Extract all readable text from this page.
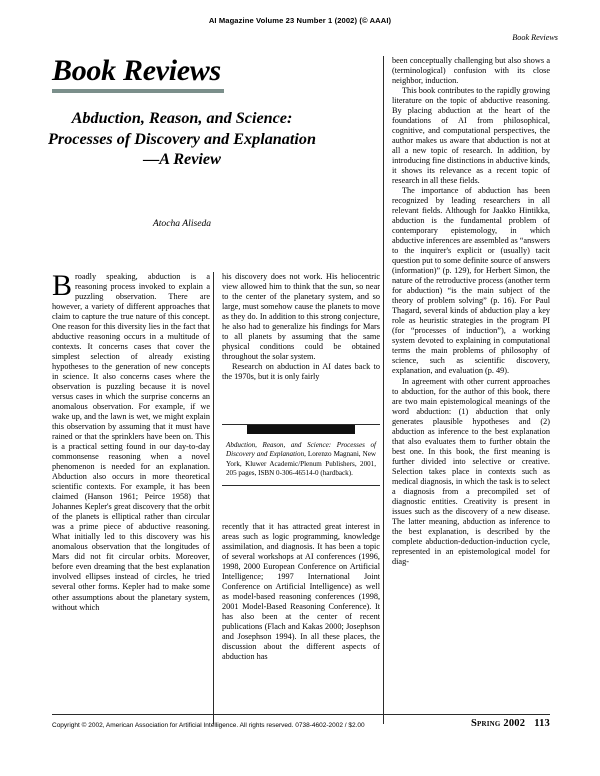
AI Magazine Volume 23 Number 1 (2002) (© AAAI)
Book Reviews
Book Reviews
Abduction, Reason, and Science: Processes of Discovery and Explanation—A Review
Atocha Aliseda

Broadly speaking, abduction is a reasoning process invoked to explain a puzzling observation. There are however, a variety of different approaches that claim to capture the true nature of this concept. One reason for this diversity lies in the fact that abductive reasoning occurs in a multitude of contexts. It concerns cases that cover the simplest selection of already existing hypotheses to the generation of new concepts in science. It also concerns cases where the observation is puzzling because it is novel versus cases in which the surprise concerns an anomalous observation. For example, if we wake up, and the lawn is wet, we might explain this observation by assuming that it must have rained or that the sprinklers have been on. This is a practical setting found in our day-to-day commonsense reasoning when a novel phenomenon is needed for an explanation. Abduction also occurs in more theoretical scientific contexts. For example, it has been claimed (Hanson 1961; Peirce 1958) that Johannes Kepler's great discovery that the orbit of the planets is elliptical rather than circular was a prime piece of abductive reasoning. What initially led to this discovery was his anomalous observation that the longitudes of Mars did not fit circular orbits. Moreover, before even dreaming that the best explanation involved ellipses instead of circles, he tried several other forms. Kepler had to make some other assumptions about the planetary system, without which

his discovery does not work. His heliocentric view allowed him to think that the sun, so near to the center of the planetary system, and so large, must somehow cause the planets to move as they do. In addition to this strong conjecture, he also had to generalize his findings for Mars to all planets by assuming that the same physical conditions could be obtained throughout the solar system.

Research on abduction in AI dates back to the 1970s, but it is only fairly

Abduction, Reason, and Science: Processes of Discovery and Explanation, Lorenzo Magnani, New York, Kluwer Academic/Plenum Publishers, 2001, 205 pages, ISBN 0-306-46514-0 (hardback).

recently that it has attracted great interest in areas such as logic programming, knowledge assimilation, and diagnosis. It has been a topic of several workshops at AI conferences (1996, 1998, 2000 European Conference on Artificial Intelligence; 1997 International Joint Conference on Artificial Intelligence) as well as model-based reasoning conferences (1998, 2001 Model-Based Reasoning Conference). It has also been at the center of recent publications (Flach and Kakas 2000; Josephson and Josephson 1994). In all these places, the discussion about the different aspects of abduction has

been conceptually challenging but also shows a (terminological) confusion with its close neighbor, induction.

This book contributes to the rapidly growing literature on the topic of abductive reasoning. By placing abduction at the heart of the foundations of AI from philosophical, cognitive, and computational perspectives, the author makes us aware that abduction is not at all a new topic of research. In addition, by introducing fine distinctions in abductive kinds, it shows its relevance as a recent topic of research in all these fields.

The importance of abduction has been recognized by leading researchers in all relevant fields. Although for Jaakko Hintikka, abduction is the fundamental problem of contemporary epistemology, in which abductive inferences are assembled as “answers to the inquirer's explicit or (usually) tacit question put to some definite source of answers (information)” (p. 129), for Herbert Simon, the nature of the retroductive process (another term for abduction) “is the main subject of the theory of problem solving” (p. 16). For Paul Thagard, several kinds of abduction play a key role as heuristic strategies in the program PI (for “processes of induction”), a working system devoted to explaining in computational terms the main problems of philosophy of science, such as scientific discovery, explanation, and evaluation (p. 49).

In agreement with other current approaches to abduction, for the author of this book, there are two main epistemological meanings of the word abduction: (1) abduction that only generates plausible hypotheses and (2) abduction as inference to the best explanation that also evaluates them to further obtain the best one. In this book, the first meaning is further divided into selective or creative. Selection takes place in contexts such as medical diagnosis, in which the task is to select a diagnosis from a precompiled set of diagnostic entities. Creativity is present in issues such as the discovery of a new disease. The latter meaning, abduction as inference to the best explanation, is described by the complete abduction-deduction-induction cycle, represented in an epistemological model for diag-

Copyright © 2002, American Association for Artificial Intelligence. All rights reserved. 0738-4602-2002 / $2.00	Spring 2002 113
